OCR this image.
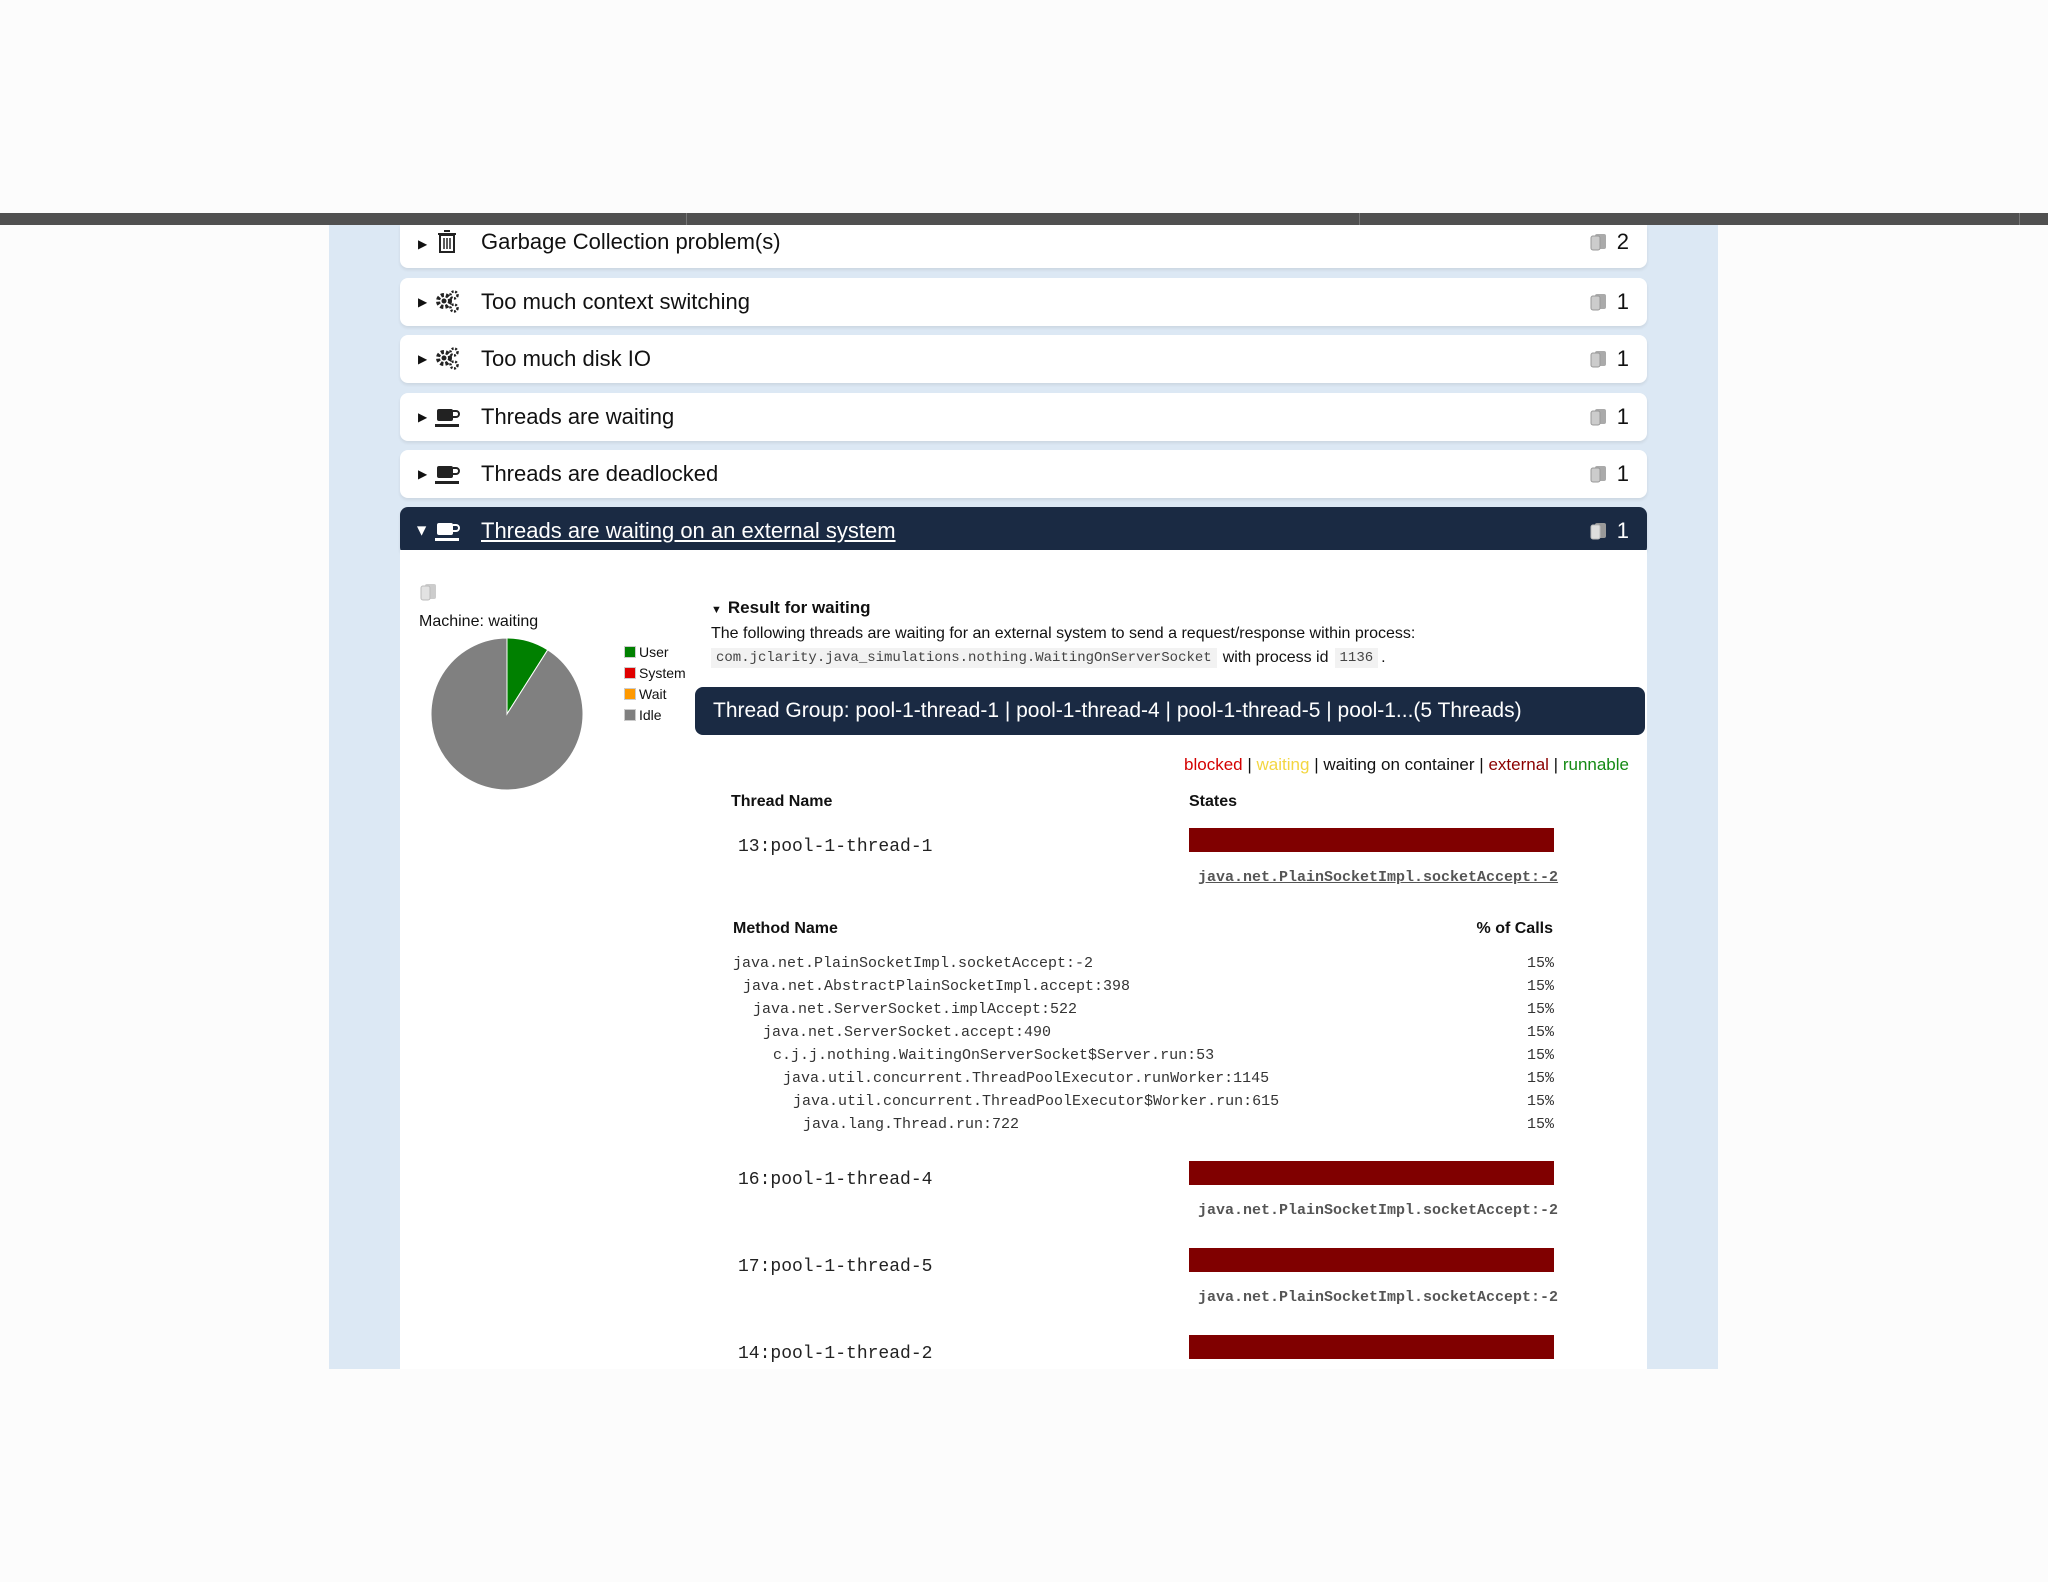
▶ Garbage Collection problem(s)	2
▶ Too much context switching	1
▶ Too much disk IO	1
▶ Threads are waiting	1
▶ Threads are deadlocked	1
▶ Threads are waiting on an external system	1
Machine: waiting
User
System
Wait
Idle
▼ Result for waiting
The following threads are waiting for an external system to send a request/response within process:
com.jclarity.java_simulations.nothing.WaitingOnServerSocket with process id 1136 .
Thread Group: pool-1-thread-1 | pool-1-thread-4 | pool-1-thread-5 | pool-1...(5 Threads)
blocked | waiting | waiting on container | external | runnable
Thread Name	States
13:pool-1-thread-1
java.net.PlainSocketImpl.socketAccept:-2
Method Name	% of Calls
java.net.PlainSocketImpl.socketAccept:-2	15%
java.net.AbstractPlainSocketImpl.accept:398	15%
java.net.ServerSocket.implAccept:522	15%
java.net.ServerSocket.accept:490	15%
c.j.j.nothing.WaitingOnServerSocket$Server.run:53	15%
java.util.concurrent.ThreadPoolExecutor.runWorker:1145	15%
java.util.concurrent.ThreadPoolExecutor$Worker.run:615	15%
java.lang.Thread.run:722	15%
16:pool-1-thread-4
java.net.PlainSocketImpl.socketAccept:-2
17:pool-1-thread-5
java.net.PlainSocketImpl.socketAccept:-2
14:pool-1-thread-2
